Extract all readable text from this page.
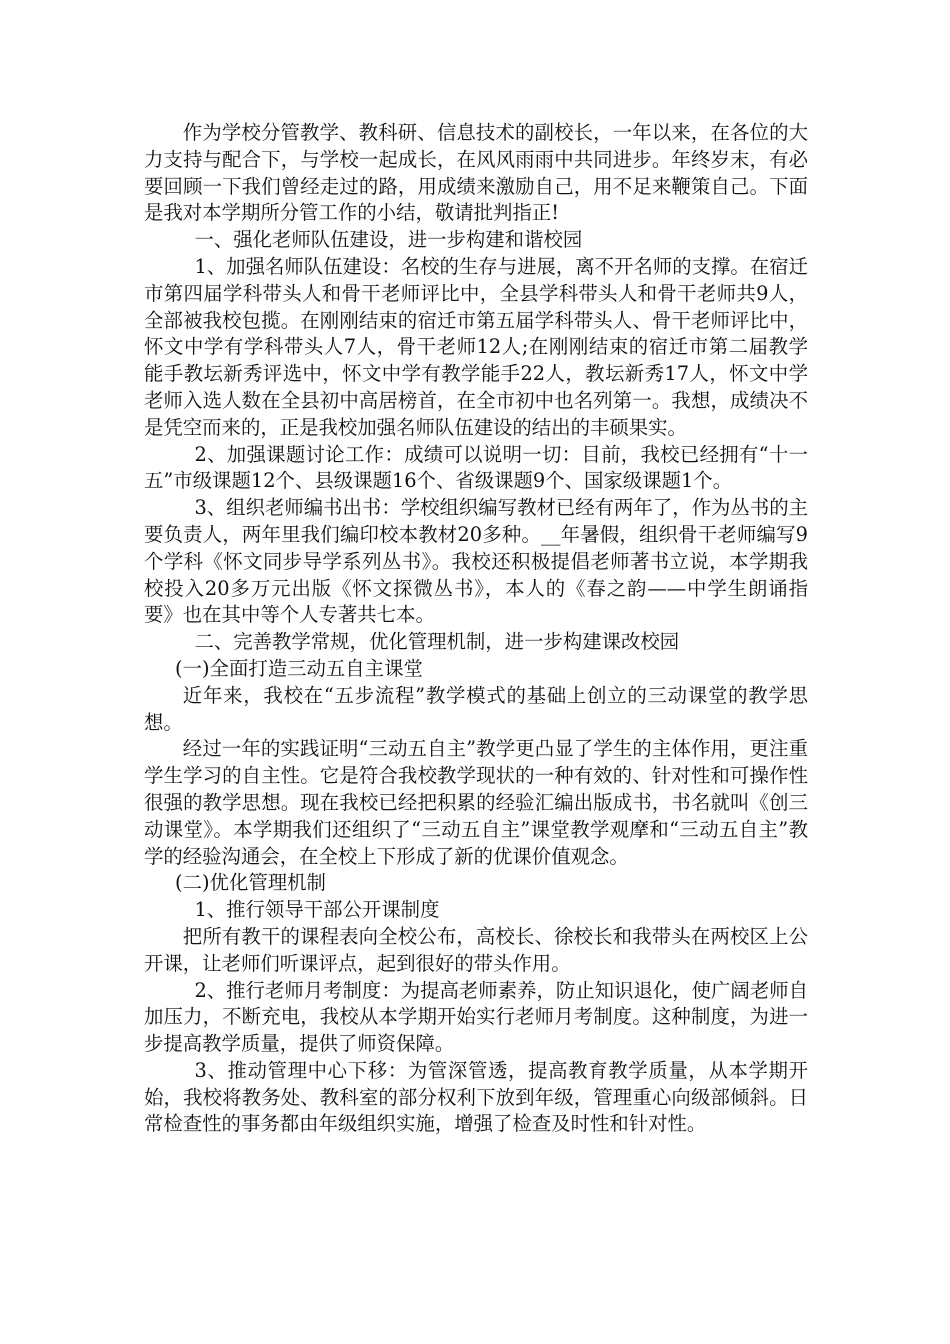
作为学校分管教学、教科研、信息技术的副校长，一年以来，在各位的大力支持与配合下，与学校一起成长，在风风雨雨中共同进步。年终岁末，有必要回顾一下我们曾经走过的路，用成绩来激励自己，用不足来鞭策自己。下面是我对本学期所分管工作的小结，敬请批判指正!

一、强化老师队伍建设，进一步构建和谐校园

1、加强名师队伍建设：名校的生存与进展，离不开名师的支撑。在宿迁市第四届学科带头人和骨干老师评比中，全县学科带头人和骨干老师共9人，全部被我校包揽。在刚刚结束的宿迁市第五届学科带头人、骨干老师评比中，怀文中学有学科带头人7人，骨干老师12人;在刚刚结束的宿迁市第二届教学能手教坛新秀评选中，怀文中学有教学能手22人，教坛新秀17人，怀文中学老师入选人数在全县初中高居榜首，在全市初中也名列第一。我想，成绩决不是凭空而来的，正是我校加强名师队伍建设的结出的丰硕果实。

2、加强课题讨论工作：成绩可以说明一切：目前，我校已经拥有“十一五”市级课题12个、县级课题16个、省级课题9个、国家级课题1个。

3、组织老师编书出书：学校组织编写教材已经有两年了，作为丛书的主要负责人，两年里我们编印校本教材20多种。__年暑假，组织骨干老师编写9个学科《怀文同步导学系列丛书》。我校还积极提倡老师著书立说，本学期我校投入20多万元出版《怀文探微丛书》，本人的《春之韵——中学生朗诵指要》也在其中等个人专著共七本。

二、完善教学常规，优化管理机制，进一步构建课改校园

(一)全面打造三动五自主课堂

近年来，我校在“五步流程”教学模式的基础上创立的三动课堂的教学思想。

经过一年的实践证明“三动五自主”教学更凸显了学生的主体作用，更注重学生学习的自主性。它是符合我校教学现状的一种有效的、针对性和可操作性很强的教学思想。现在我校已经把积累的经验汇编出版成书，书名就叫《创三动课堂》。本学期我们还组织了“三动五自主”课堂教学观摩和“三动五自主”教学的经验沟通会，在全校上下形成了新的优课价值观念。

(二)优化管理机制

1、推行领导干部公开课制度

把所有教干的课程表向全校公布，高校长、徐校长和我带头在两校区上公开课，让老师们听课评点，起到很好的带头作用。

2、推行老师月考制度：为提高老师素养，防止知识退化，使广阔老师自加压力，不断充电，我校从本学期开始实行老师月考制度。这种制度，为进一步提高教学质量，提供了师资保障。

3、推动管理中心下移：为管深管透，提高教育教学质量，从本学期开始，我校将教务处、教科室的部分权利下放到年级，管理重心向级部倾斜。日常检查性的事务都由年级组织实施，增强了检查及时性和针对性。
